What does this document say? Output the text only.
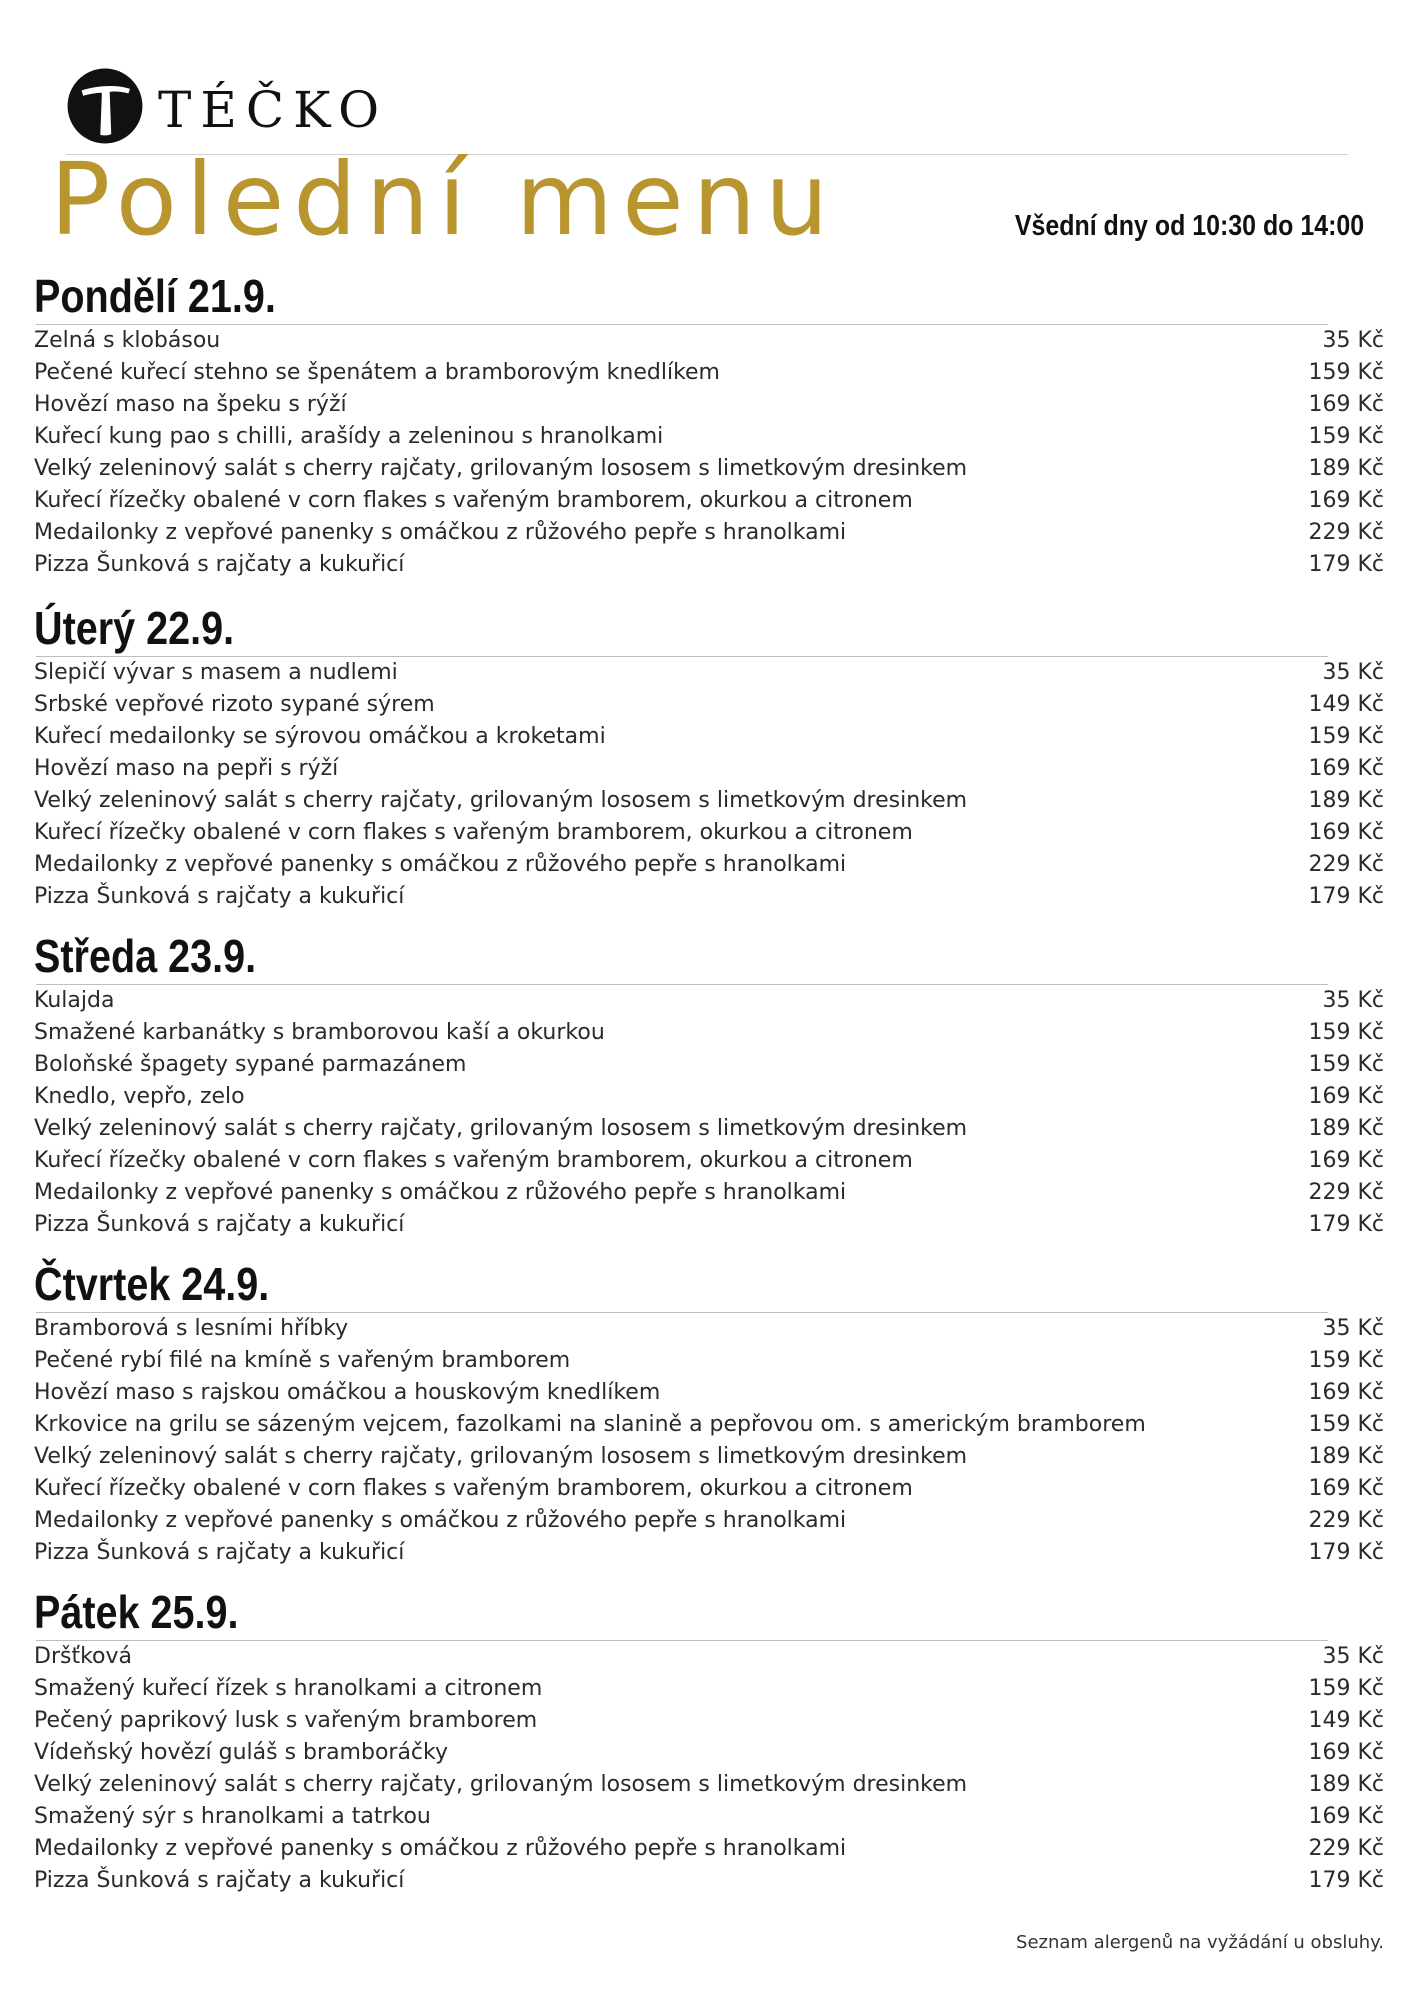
TÉČKO
Polední menu	Všední dny od 10:30 do 14:00
Pondělí 21.9.
Zelná s klobásou	35 Kč
Pečené kuřecí stehno se špenátem a bramborovým knedlíkem	159 Kč
Hovězí maso na špeku s rýží	169 Kč
Kuřecí kung pao s chilli, arašídy a zeleninou s hranolkami	159 Kč
Velký zeleninový salát s cherry rajčaty, grilovaným lososem s limetkovým dresinkem	189 Kč
Kuřecí řízečky obalené v corn flakes s vařeným bramborem, okurkou a citronem	169 Kč
Medailonky z vepřové panenky s omáčkou z růžového pepře s hranolkami	229 Kč
Pizza Šunková s rajčaty a kukuřicí	179 Kč
Úterý 22.9.
Slepičí vývar s masem a nudlemi	35 Kč
Srbské vepřové rizoto sypané sýrem	149 Kč
Kuřecí medailonky se sýrovou omáčkou a kroketami	159 Kč
Hovězí maso na pepři s rýží	169 Kč
Velký zeleninový salát s cherry rajčaty, grilovaným lososem s limetkovým dresinkem	189 Kč
Kuřecí řízečky obalené v corn flakes s vařeným bramborem, okurkou a citronem	169 Kč
Medailonky z vepřové panenky s omáčkou z růžového pepře s hranolkami	229 Kč
Pizza Šunková s rajčaty a kukuřicí	179 Kč
Středa 23.9.
Kulajda	35 Kč
Smažené karbanátky s bramborovou kaší a okurkou	159 Kč
Boloňské špagety sypané parmazánem	159 Kč
Knedlo, vepřo, zelo	169 Kč
Velký zeleninový salát s cherry rajčaty, grilovaným lososem s limetkovým dresinkem	189 Kč
Kuřecí řízečky obalené v corn flakes s vařeným bramborem, okurkou a citronem	169 Kč
Medailonky z vepřové panenky s omáčkou z růžového pepře s hranolkami	229 Kč
Pizza Šunková s rajčaty a kukuřicí	179 Kč
Čtvrtek 24.9.
Bramborová s lesními hříbky	35 Kč
Pečené rybí filé na kmíně s vařeným bramborem	159 Kč
Hovězí maso s rajskou omáčkou a houskovým knedlíkem	169 Kč
Krkovice na grilu se sázeným vejcem, fazolkami na slanině a pepřovou om. s americkým bramborem	159 Kč
Velký zeleninový salát s cherry rajčaty, grilovaným lososem s limetkovým dresinkem	189 Kč
Kuřecí řízečky obalené v corn flakes s vařeným bramborem, okurkou a citronem	169 Kč
Medailonky z vepřové panenky s omáčkou z růžového pepře s hranolkami	229 Kč
Pizza Šunková s rajčaty a kukuřicí	179 Kč
Pátek 25.9.
Dršťková	35 Kč
Smažený kuřecí řízek s hranolkami a citronem	159 Kč
Pečený paprikový lusk s vařeným bramborem	149 Kč
Vídeňský hovězí guláš s bramboráčky	169 Kč
Velký zeleninový salát s cherry rajčaty, grilovaným lososem s limetkovým dresinkem	189 Kč
Smažený sýr s hranolkami a tatrkou	169 Kč
Medailonky z vepřové panenky s omáčkou z růžového pepře s hranolkami	229 Kč
Pizza Šunková s rajčaty a kukuřicí	179 Kč
Seznam alergenů na vyžádání u obsluhy.
